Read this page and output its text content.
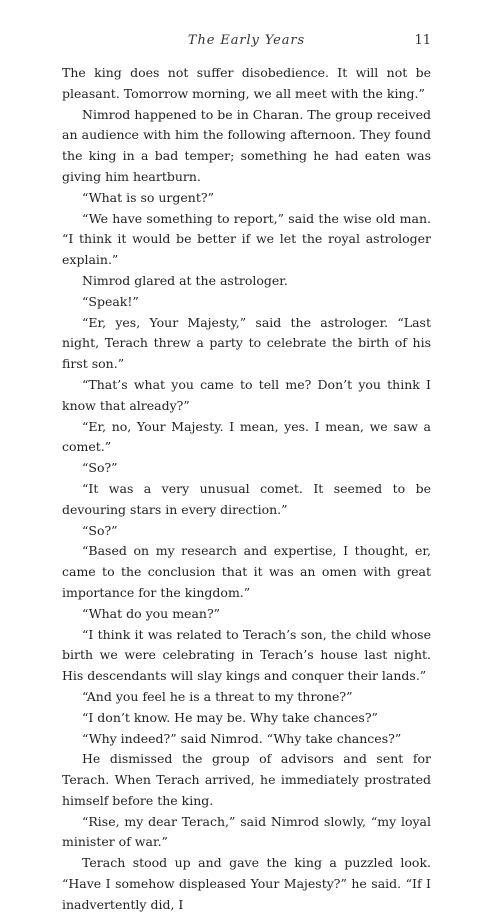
The Early Years	11

The king does not suffer disobedience. It will not be pleasant. Tomorrow morning, we all meet with the king.”

Nimrod happened to be in Charan. The group received an audience with him the following afternoon. They found the king in a bad temper; something he had eaten was giving him heartburn.

“What is so urgent?”

“We have something to report,” said the wise old man. “I think it would be better if we let the royal astrologer explain.”

Nimrod glared at the astrologer.

“Speak!”

“Er, yes, Your Majesty,” said the astrologer. “Last night, Terach threw a party to celebrate the birth of his first son.”

“That’s what you came to tell me? Don’t you think I know that already?”

“Er, no, Your Majesty. I mean, yes. I mean, we saw a comet.”

“So?”

“It was a very unusual comet. It seemed to be devouring stars in every direction.”

“So?”

“Based on my research and expertise, I thought, er, came to the conclusion that it was an omen with great importance for the kingdom.”

“What do you mean?”

“I think it was related to Terach’s son, the child whose birth we were celebrating in Terach’s house last night. His descendants will slay kings and conquer their lands.”

“And you feel he is a threat to my throne?”

“I don’t know. He may be. Why take chances?”

“Why indeed?” said Nimrod. “Why take chances?”

He dismissed the group of advisors and sent for Terach. When Terach arrived, he immediately prostrated himself before the king.

“Rise, my dear Terach,” said Nimrod slowly, “my loyal minister of war.”

Terach stood up and gave the king a puzzled look. “Have I somehow displeased Your Majesty?” he said. “If I inadvertently did, I
